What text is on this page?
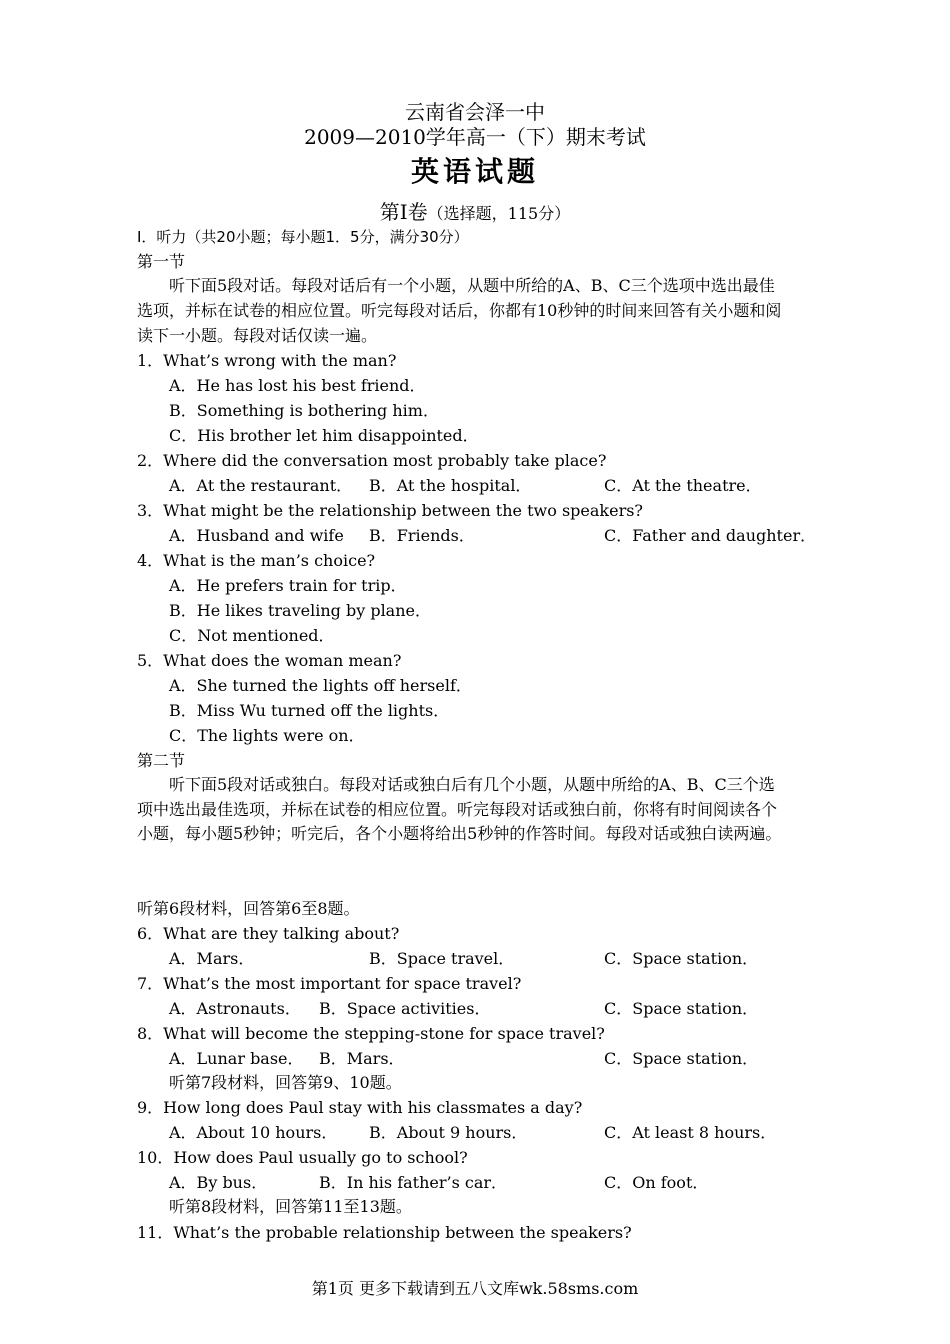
云南省会泽一中
2009—2010学年高一（下）期末考试
英语试题
第Ⅰ卷（选择题，115分）
Ⅰ．听力（共20小题；每小题1．5分，满分30分）
第一节
听下面5段对话。每段对话后有一个小题，从题中所给的A、B、C三个选项中选出最佳
选项，并标在试卷的相应位置。听完每段对话后，你都有10秒钟的时间来回答有关小题和阅
读下一小题。每段对话仅读一遍。
1．What’s wrong with the man?
A．He has lost his best friend．
B．Something is bothering him．
C．His brother let him disappointed．
2．Where did the conversation most probably take place?
A．At the restaurant． B．At the hospital．	C．At the theatre．
3．What might be the relationship between the two speakers?
A．Husband and wife B．Friends．	C．Father and daughter．
4．What is the man’s choice?
A．He prefers train for trip．
B．He likes traveling by plane．
C．Not mentioned．
5．What does the woman mean?
A．She turned the lights off herself．
B．Miss Wu turned off the lights．
C．The lights were on．
第二节
听下面5段对话或独白。每段对话或独白后有几个小题，从题中所给的A、B、C三个选
项中选出最佳选项，并标在试卷的相应位置。听完每段对话或独白前，你将有时间阅读各个
小题，每小题5秒钟；听完后，各个小题将给出5秒钟的作答时间。每段对话或独白读两遍。
听第6段材料，回答第6至8题。
6．What are they talking about?
A．Mars．	B．Space travel．	C．Space station．
7．What’s the most important for space travel?
A．Astronauts． B．Space activities．	C．Space station．
8．What will become the stepping-stone for space travel?
A．Lunar base． B．Mars．	C．Space station．
听第7段材料，回答第9、10题。
9．How long does Paul stay with his classmates a day?
A．About 10 hours． B．About 9 hours．	C．At least 8 hours．
10．How does Paul usually go to school?
A．By bus．	B．In his father’s car．	C．On foot．
听第8段材料，回答第11至13题。
11．What’s the probable relationship between the speakers?
第1页 更多下载请到五八文库wk.58sms.com
